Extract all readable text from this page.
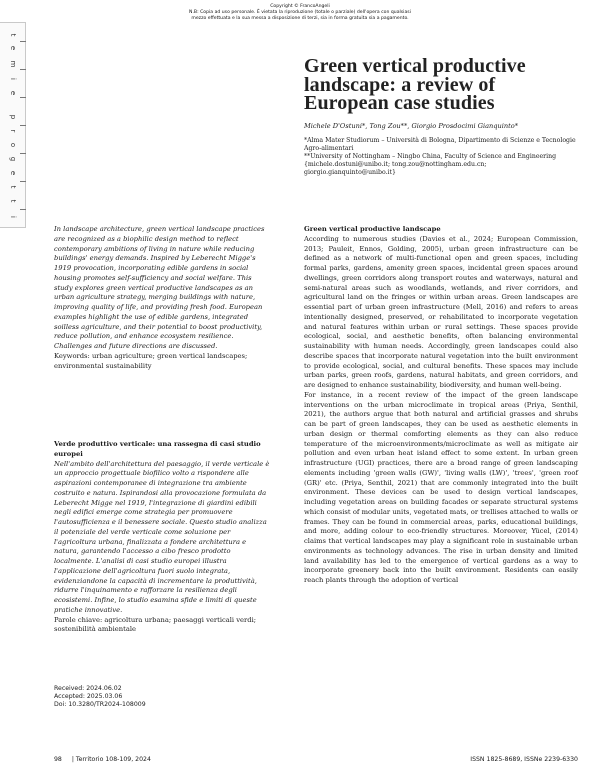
Copyright © FrancoAngeli
N.B: Copia ad uso personale. È vietata la riproduzione (totale o parziale) dell'opera con qualsiasi
mezzo effettuata e la sua messa a disposizione di terzi, sia in forma gratuita sia a pagamento.
t
e
m
i
e
p
r
o
g
e
t
t
i
Green vertical productive landscape: a review of European case studies
Michele D'Ostuni*, Tong Zou**, Giorgio Prosdocimi Gianquinto*
*Alma Mater Studiorum – Università di Bologna, Dipartimento di Scienze e Tecnologie Agro-alimentari
**University of Nottingham – Ningbo China, Faculty of Science and Engineering
{michele.dostuni@unibo.it; tong.zou@nottingham.edu.cn; giorgio.gianquinto@unibo.it}
In landscape architecture, green vertical landscape practices are recognized as a biophilic design method to reflect contemporary ambitions of living in nature while reducing buildings' energy demands. Inspired by Leberecht Migge's 1919 provocation, incorporating edible gardens in social housing promotes self-sufficiency and social welfare. This study explores green vertical productive landscapes as an urban agriculture strategy, merging buildings with nature, improving quality of life, and providing fresh food. European examples highlight the use of edible gardens, integrated soilless agriculture, and their potential to boost productivity, reduce pollution, and enhance ecosystem resilience. Challenges and future directions are discussed.
Keywords: urban agriculture; green vertical landscapes; environmental sustainability
Verde produttivo verticale: una rassegna di casi studio europei
Nell'ambito dell'architettura del paesaggio, il verde verticale è un approccio progettuale biofilico volto a rispondere alle aspirazioni contemporanee di integrazione tra ambiente costruito e natura. Ispirandosi alla provocazione formulata da Leberecht Migge nel 1919, l'integrazione di giardini edibili negli edifici emerge come strategia per promuovere l'autosufficienza e il benessere sociale. Questo studio analizza il potenziale del verde verticale come soluzione per l'agricoltura urbana, finalizzata a fondere architettura e natura, garantendo l'accesso a cibo fresco prodotto localmente. L'analisi di casi studio europei illustra l'applicazione dell'agricoltura fuori suolo integrata, evidenziandone la capacità di incrementare la produttività, ridurre l'inquinamento e rafforzare la resilienza degli ecosistemi. Infine, lo studio esamina sfide e limiti di queste pratiche innovative.
Parole chiave: agricoltura urbana; paesaggi verticali verdi; sostenibilità ambientale
Received: 2024.06.02
Accepted: 2025.03.06
Doi: 10.3280/TR2024-108009
Green vertical productive landscape

According to numerous studies (Davies et al., 2024; European Commission, 2013; Pauleit, Ennos, Golding, 2005), urban green infrastructure can be defined as a network of multi-functional open and green spaces, including formal parks, gardens, amenity green spaces, incidental green spaces around dwellings, green corridors along transport routes and waterways, natural and semi-natural areas such as woodlands, wetlands, and river corridors, and agricultural land on the fringes or within urban areas. Green landscapes are essential part of urban green infrastructure (Mell, 2016) and refers to areas intentionally designed, preserved, or rehabilitated to incorporate vegetation and natural features within urban or rural settings. These spaces provide ecological, social, and aesthetic benefits, often balancing environmental sustainability with human needs. Accordingly, green landscapes could also describe spaces that incorporate natural vegetation into the built environment to provide ecological, social, and cultural benefits. These spaces may include urban parks, green roofs, gardens, natural habitats, and green corridors, and are designed to enhance sustainability, biodiversity, and human well-being.

For instance, in a recent review of the impact of the green landscape interventions on the urban microclimate in tropical areas (Priya, Senthil, 2021), the authors argue that both natural and artificial grasses and shrubs can be part of green landscapes, they can be used as aesthetic elements in urban design or thermal comforting elements as they can also reduce temperature of the microenvironments/microclimate as well as mitigate air pollution and even urban heat island effect to some extent. In urban green infrastructure (UGI) practices, there are a broad range of green landscaping elements including 'green walls (GW)', 'living walls (LW)', 'trees', 'green roof (GR)' etc. (Priya, Senthil, 2021) that are commonly integrated into the built environment. These devices can be used to design vertical landscapes, including vegetation areas on building facades or separate structural systems which consist of modular units, vegetated mats, or trellises attached to walls or frames. They can be found in commercial areas, parks, educational buildings, and more, adding colour to eco-friendly structures. Moreover, Yücel, (2014) claims that vertical landscapes may play a significant role in sustainable urban environments as technology advances. The rise in urban density and limited land availability has led to the emergence of vertical gardens as a way to incorporate greenery back into the built environment. Residents can easily reach plants through the adoption of vertical

98 | Territorio 108-109, 2024	ISSN 1825-8689, ISSNe 2239-6330
